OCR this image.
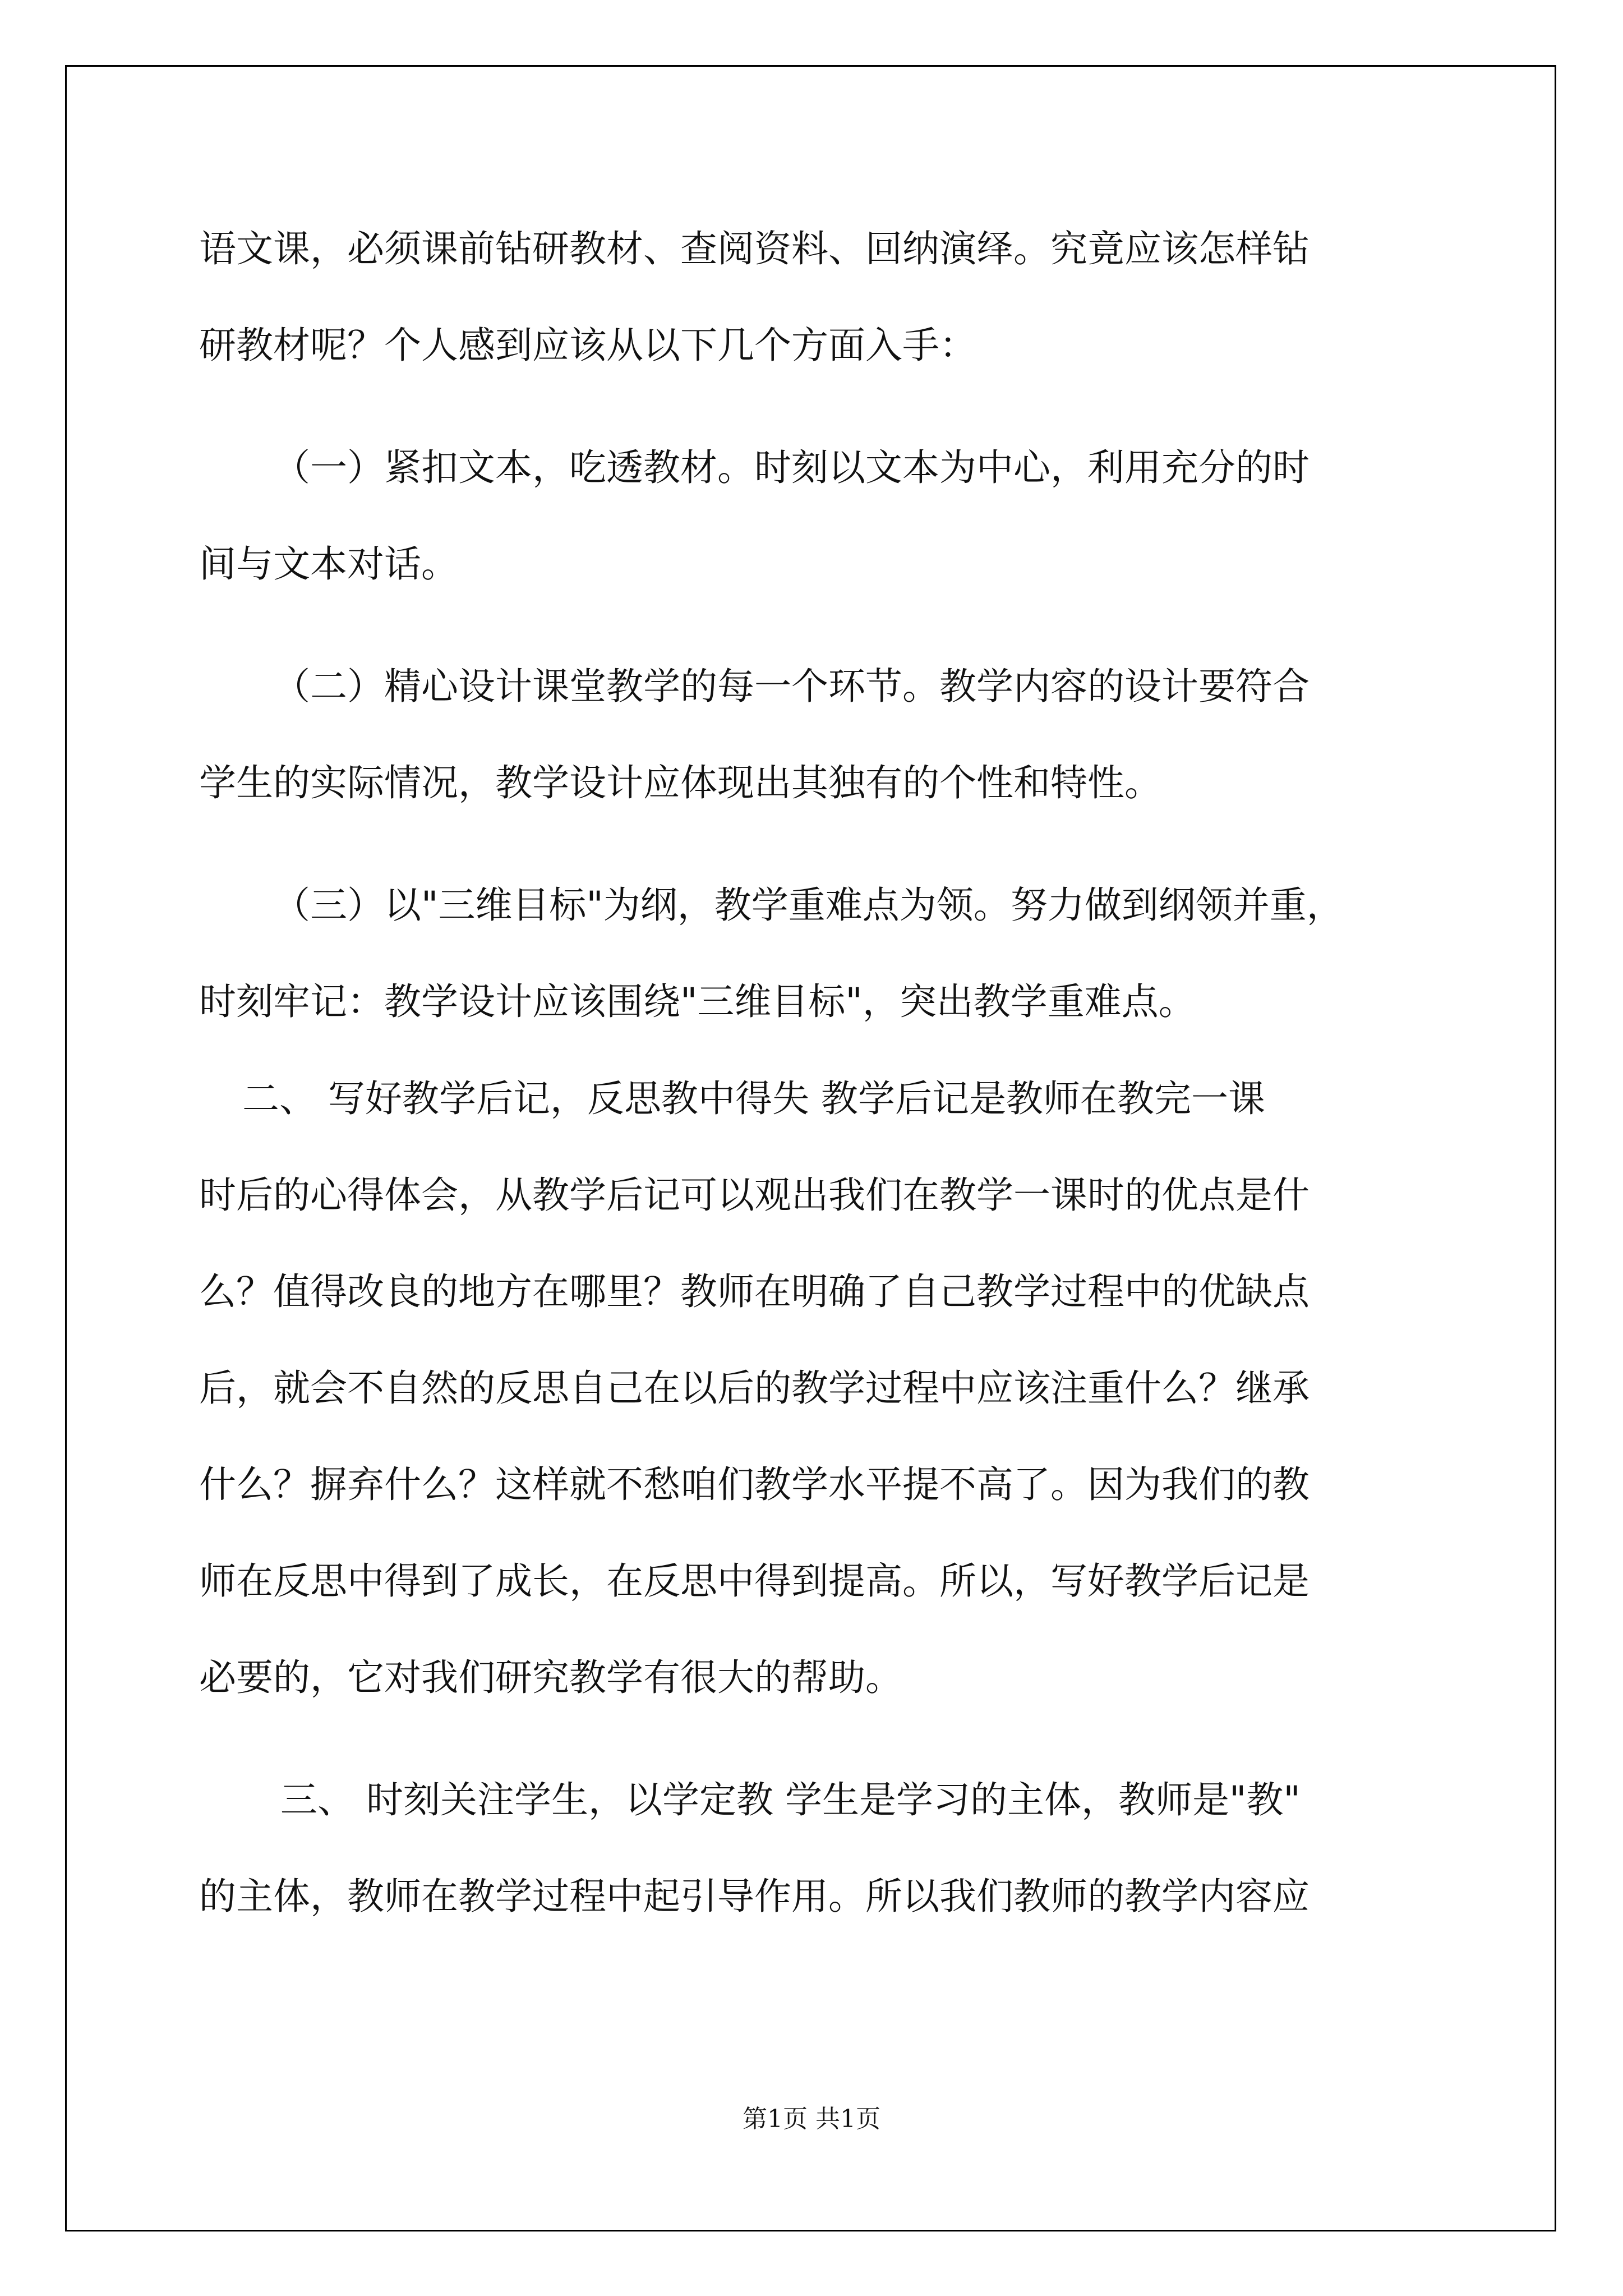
语文课，必须课前钻研教材、查阅资料、回纳演绎。究竟应该怎样钻

研教材呢？个人感到应该从以下几个方面入手：

（一）紧扣文本，吃透教材。时刻以文本为中心，利用充分的时

间与文本对话。

（二）精心设计课堂教学的每一个环节。教学内容的设计要符合

学生的实际情况，教学设计应体现出其独有的个性和特性。

（三）以"三维目标"为纲，教学重难点为领。努力做到纲领并重，

时刻牢记：教学设计应该围绕"三维目标"，突出教学重难点。

二、 写好教学后记，反思教中得失 教学后记是教师在教完一课

时后的心得体会，从教学后记可以观出我们在教学一课时的优点是什

么？值得改良的地方在哪里？教师在明确了自己教学过程中的优缺点

后，就会不自然的反思自己在以后的教学过程中应该注重什么？继承

什么？摒弃什么？这样就不愁咱们教学水平提不高了。因为我们的教

师在反思中得到了成长，在反思中得到提高。所以，写好教学后记是

必要的，它对我们研究教学有很大的帮助。

三、 时刻关注学生，以学定教 学生是学习的主体，教师是"教"

的主体，教师在教学过程中起引导作用。所以我们教师的教学内容应

第1页 共1页
